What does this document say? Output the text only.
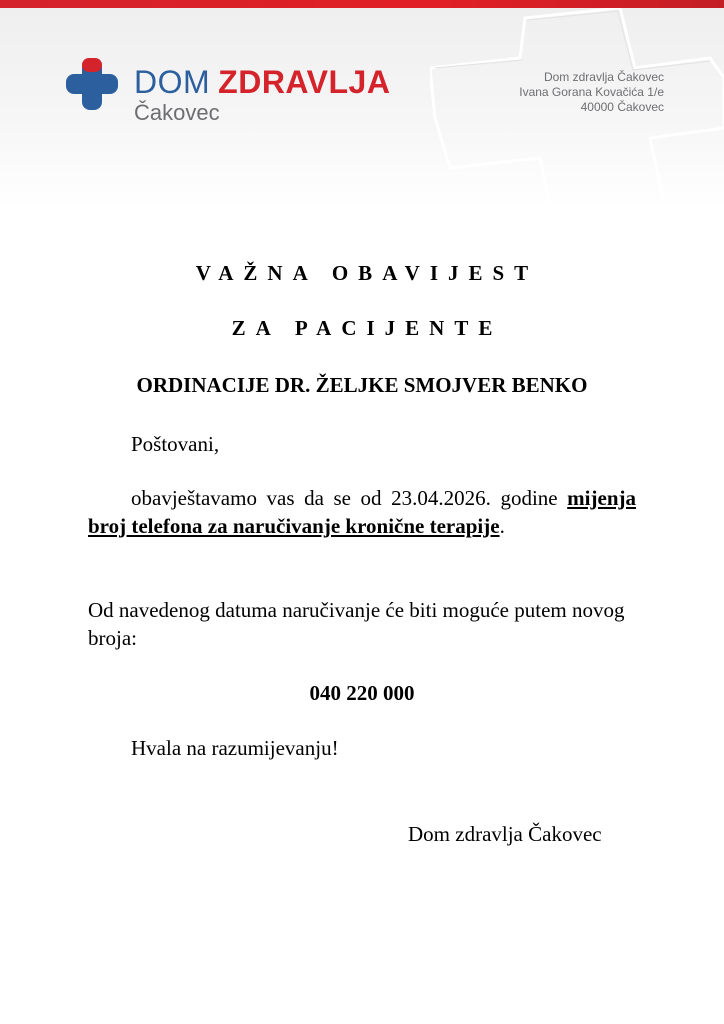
DOM ZDRAVLJA
Čakovec
Dom zdravlja Čakovec
Ivana Gorana Kovačića 1/e
40000 Čakovec
VAŽNA OBAVIJEST
ZA PACIJENTE
ORDINACIJE DR. ŽELJKE SMOJVER BENKO
Poštovani,
obavještavamo vas da se od 23.04.2026. godine mijenja broj telefona za naručivanje kronične terapije.
Od navedenog datuma naručivanje će biti moguće putem novog broja:
040 220 000
Hvala na razumijevanju!
Dom zdravlja Čakovec
